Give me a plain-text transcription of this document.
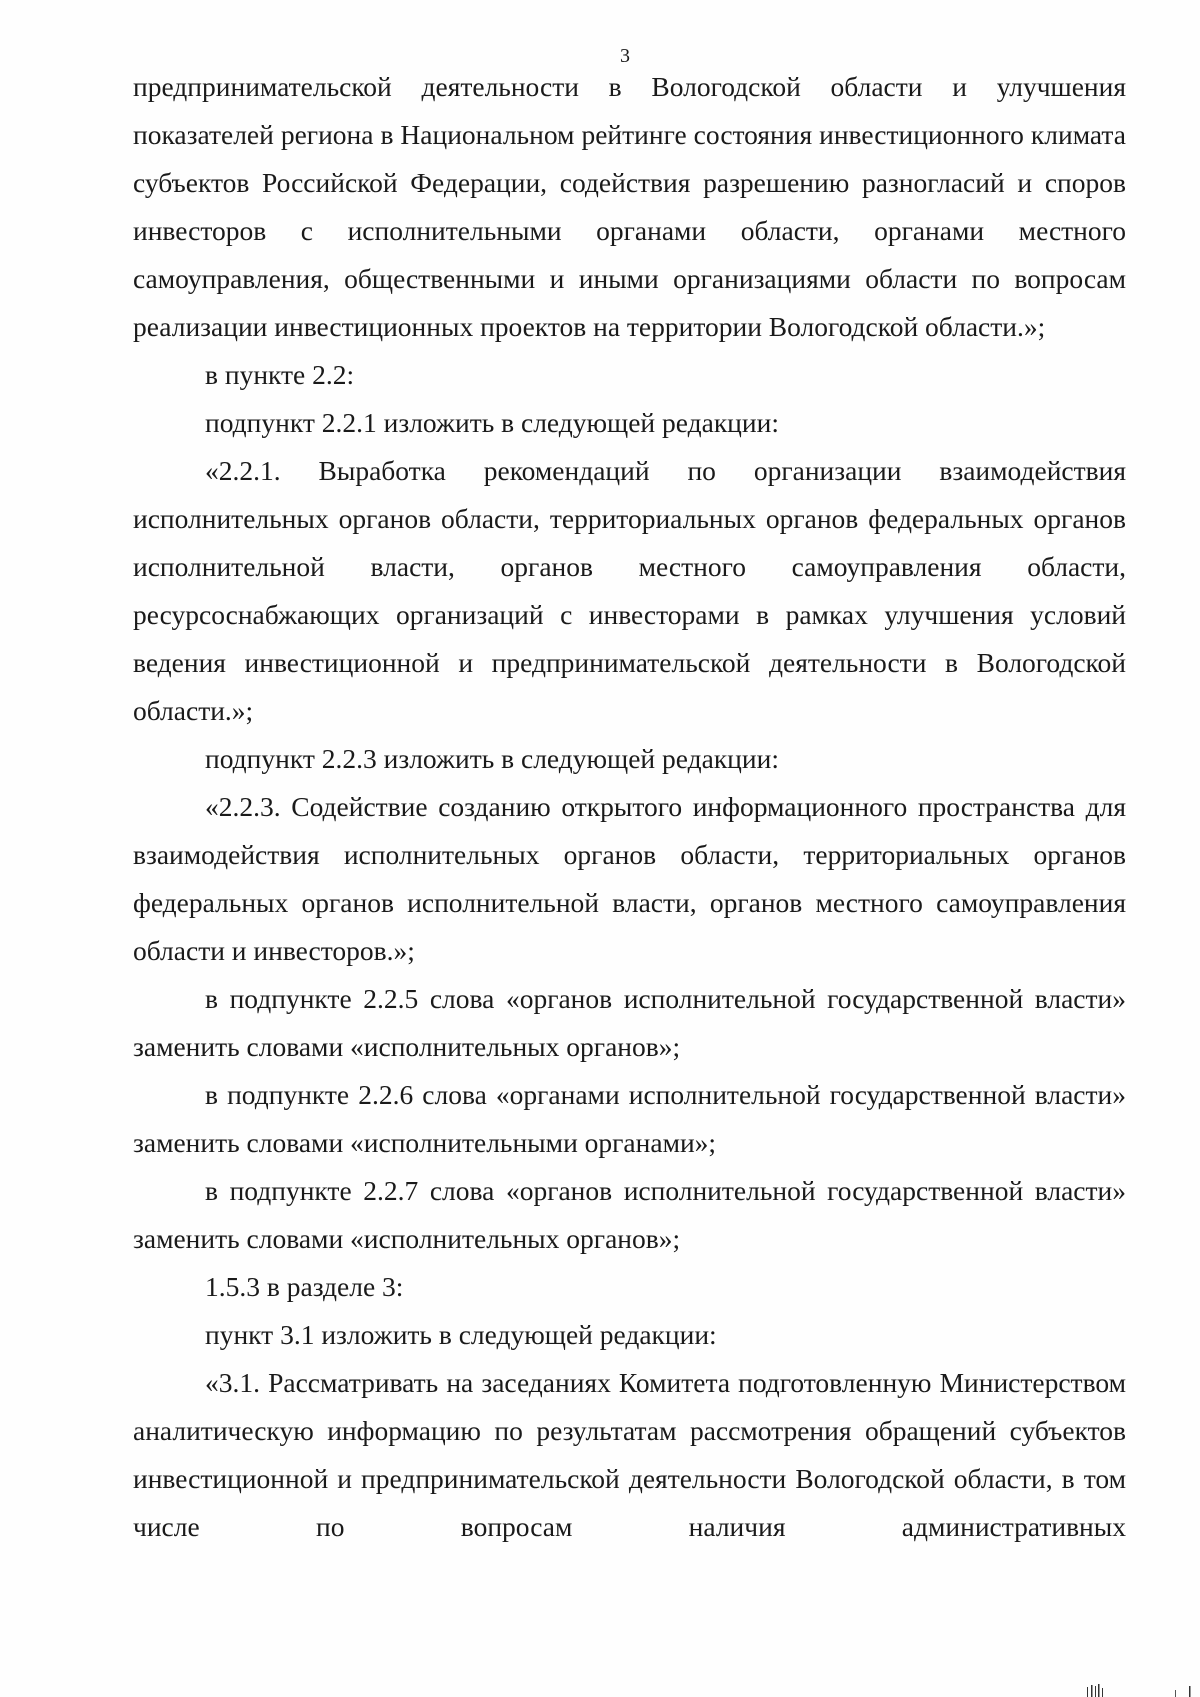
3

предпринимательской деятельности в Вологодской области и улучшения показателей региона в Национальном рейтинге состояния инвестиционного климата субъектов Российской Федерации, содействия разрешению разногласий и споров инвесторов с исполнительными органами области, органами местного самоуправления, общественными и иными организациями области по вопросам реализации инвестиционных проектов на территории Вологодской области.»;

в пункте 2.2:

подпункт 2.2.1 изложить в следующей редакции:

«2.2.1. Выработка рекомендаций по организации взаимодействия исполнительных органов области, территориальных органов федеральных органов исполнительной власти, органов местного самоуправления области, ресурсоснабжающих организаций с инвесторами в рамках улучшения условий ведения инвестиционной и предпринимательской деятельности в Вологодской области.»;

подпункт 2.2.3 изложить в следующей редакции:

«2.2.3. Содействие созданию открытого информационного пространства для взаимодействия исполнительных органов области, территориальных органов федеральных органов исполнительной власти, органов местного самоуправления области и инвесторов.»;

в подпункте 2.2.5 слова «органов исполнительной государственной власти» заменить словами «исполнительных органов»;

в подпункте 2.2.6 слова «органами исполнительной государственной власти» заменить словами «исполнительными органами»;

в подпункте 2.2.7 слова «органов исполнительной государственной власти» заменить словами «исполнительных органов»;

1.5.3 в разделе 3:

пункт 3.1 изложить в следующей редакции:

«3.1. Рассматривать на заседаниях Комитета подготовленную Министерством аналитическую информацию по результатам рассмотрения обращений субъектов инвестиционной и предпринимательской деятельности Вологодской области, в том числе по вопросам наличия административных
